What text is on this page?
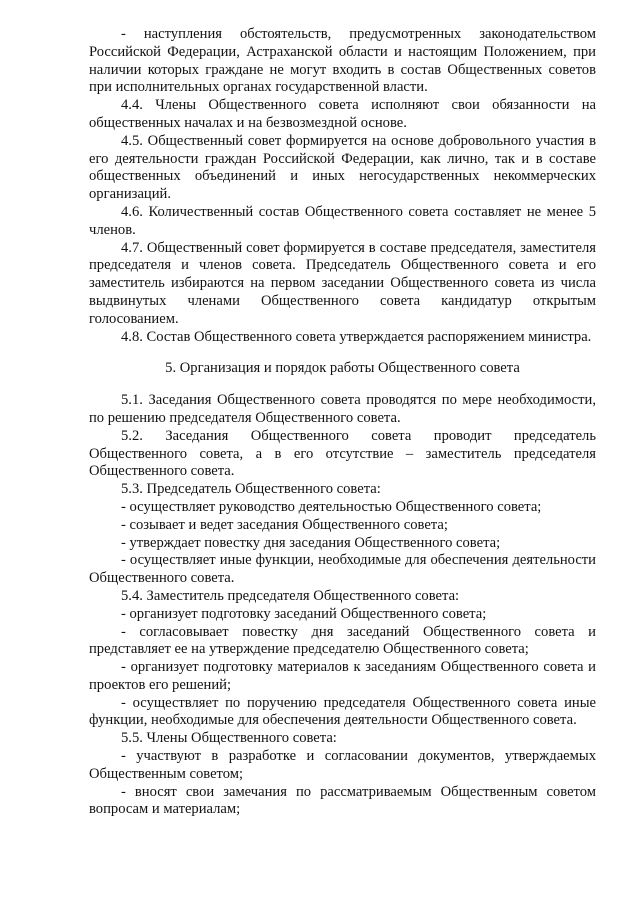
- наступления обстоятельств, предусмотренных законодательством Российской Федерации, Астраханской области и настоящим Положением, при наличии которых граждане не могут входить в состав Общественных советов при исполнительных органах государственной власти.

4.4. Члены Общественного совета исполняют свои обязанности на общественных началах и на безвозмездной основе.

4.5. Общественный совет формируется на основе добровольного участия в его деятельности граждан Российской Федерации, как лично, так и в составе общественных объединений и иных негосударственных некоммерческих организаций.

4.6. Количественный состав Общественного совета составляет не менее 5 членов.

4.7. Общественный совет формируется в составе председателя, заместителя председателя и членов совета. Председатель Общественного совета и его заместитель избираются на первом заседании Общественного совета из числа выдвинутых членами Общественного совета кандидатур открытым голосованием.

4.8. Состав Общественного совета утверждается распоряжением министра.

5. Организация и порядок работы Общественного совета

5.1. Заседания Общественного совета проводятся по мере необходимости, по решению председателя Общественного совета.

5.2. Заседания Общественного совета проводит председатель Общественного совета, а в его отсутствие – заместитель председателя Общественного совета.

5.3. Председатель Общественного совета:

- осуществляет руководство деятельностью Общественного совета;

- созывает и ведет заседания Общественного совета;

- утверждает повестку дня заседания Общественного совета;

- осуществляет иные функции, необходимые для обеспечения деятельности Общественного совета.

5.4. Заместитель председателя Общественного совета:

- организует подготовку заседаний Общественного совета;

- согласовывает повестку дня заседаний Общественного совета и представляет ее на утверждение председателю Общественного совета;

- организует подготовку материалов к заседаниям Общественного совета и проектов его решений;

- осуществляет по поручению председателя Общественного совета иные функции, необходимые для обеспечения деятельности Общественного совета.

5.5. Члены Общественного совета:

- участвуют в разработке и согласовании документов, утверждаемых Общественным советом;

- вносят свои замечания по рассматриваемым Общественным советом вопросам и материалам;
